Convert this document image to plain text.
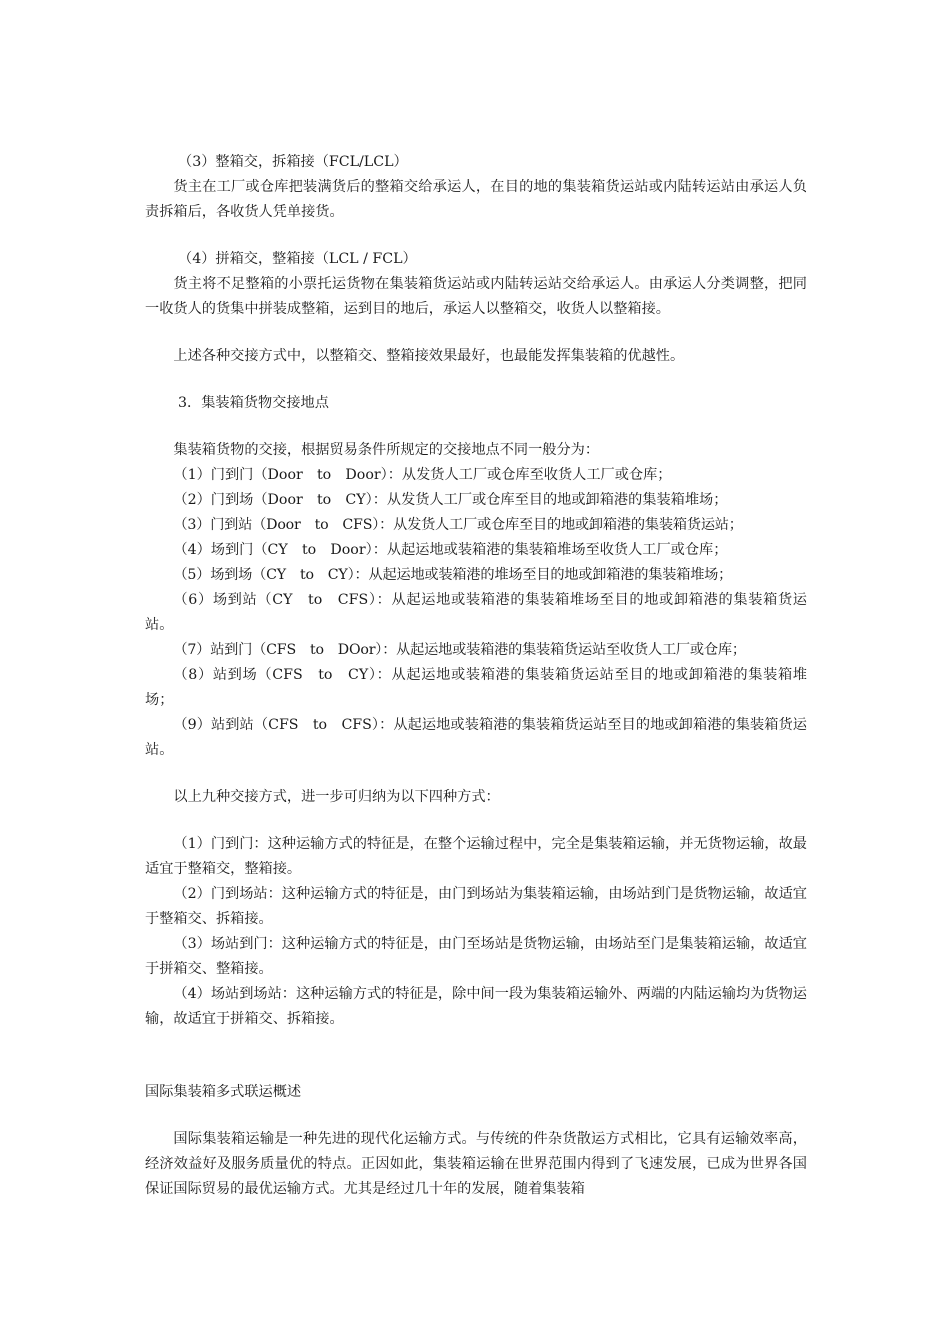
（3）整箱交，拆箱接（FCL/LCL）

货主在工厂或仓库把装满货后的整箱交给承运人，在目的地的集装箱货运站或内陆转运站由承运人负责拆箱后，各收货人凭单接货。

（4）拼箱交，整箱接（LCL / FCL）

货主将不足整箱的小票托运货物在集装箱货运站或内陆转运站交给承运人。由承运人分类调整，把同一收货人的货集中拼装成整箱，运到目的地后，承运人以整箱交，收货人以整箱接。

上述各种交接方式中，以整箱交、整箱接效果最好，也最能发挥集装箱的优越性。

3．集装箱货物交接地点

集装箱货物的交接，根据贸易条件所规定的交接地点不同一般分为：

（1）门到门（Door　to　Door）：从发货人工厂或仓库至收货人工厂或仓库；

（2）门到场（Door　to　CY）：从发货人工厂或仓库至目的地或卸箱港的集装箱堆场；

（3）门到站（Door　to　CFS）：从发货人工厂或仓库至目的地或卸箱港的集装箱货运站；

（4）场到门（CY　to　Door）：从起运地或装箱港的集装箱堆场至收货人工厂或仓库；

（5）场到场（CY　to　CY）：从起运地或装箱港的堆场至目的地或卸箱港的集装箱堆场；

（6）场到站（CY　to　CFS）：从起运地或装箱港的集装箱堆场至目的地或卸箱港的集装箱货运站。

（7）站到门（CFS　to　DOor）：从起运地或装箱港的集装箱货运站至收货人工厂或仓库；

（8）站到场（CFS　to　CY）：从起运地或装箱港的集装箱货运站至目的地或卸箱港的集装箱堆场；

（9）站到站（CFS　to　CFS）：从起运地或装箱港的集装箱货运站至目的地或卸箱港的集装箱货运站。

以上九种交接方式，进一步可归纳为以下四种方式：

（1）门到门：这种运输方式的特征是，在整个运输过程中，完全是集装箱运输，并无货物运输，故最适宜于整箱交，整箱接。

（2）门到场站：这种运输方式的特征是，由门到场站为集装箱运输，由场站到门是货物运输，故适宜于整箱交、拆箱接。

（3）场站到门：这种运输方式的特征是，由门至场站是货物运输，由场站至门是集装箱运输，故适宜于拼箱交、整箱接。

（4）场站到场站：这种运输方式的特征是，除中间一段为集装箱运输外、两端的内陆运输均为货物运输，故适宜于拼箱交、拆箱接。

国际集装箱多式联运概述

国际集装箱运输是一种先进的现代化运输方式。与传统的件杂货散运方式相比，它具有运输效率高，经济效益好及服务质量优的特点。正因如此，集装箱运输在世界范围内得到了飞速发展，已成为世界各国保证国际贸易的最优运输方式。尤其是经过几十年的发展，随着集装箱
